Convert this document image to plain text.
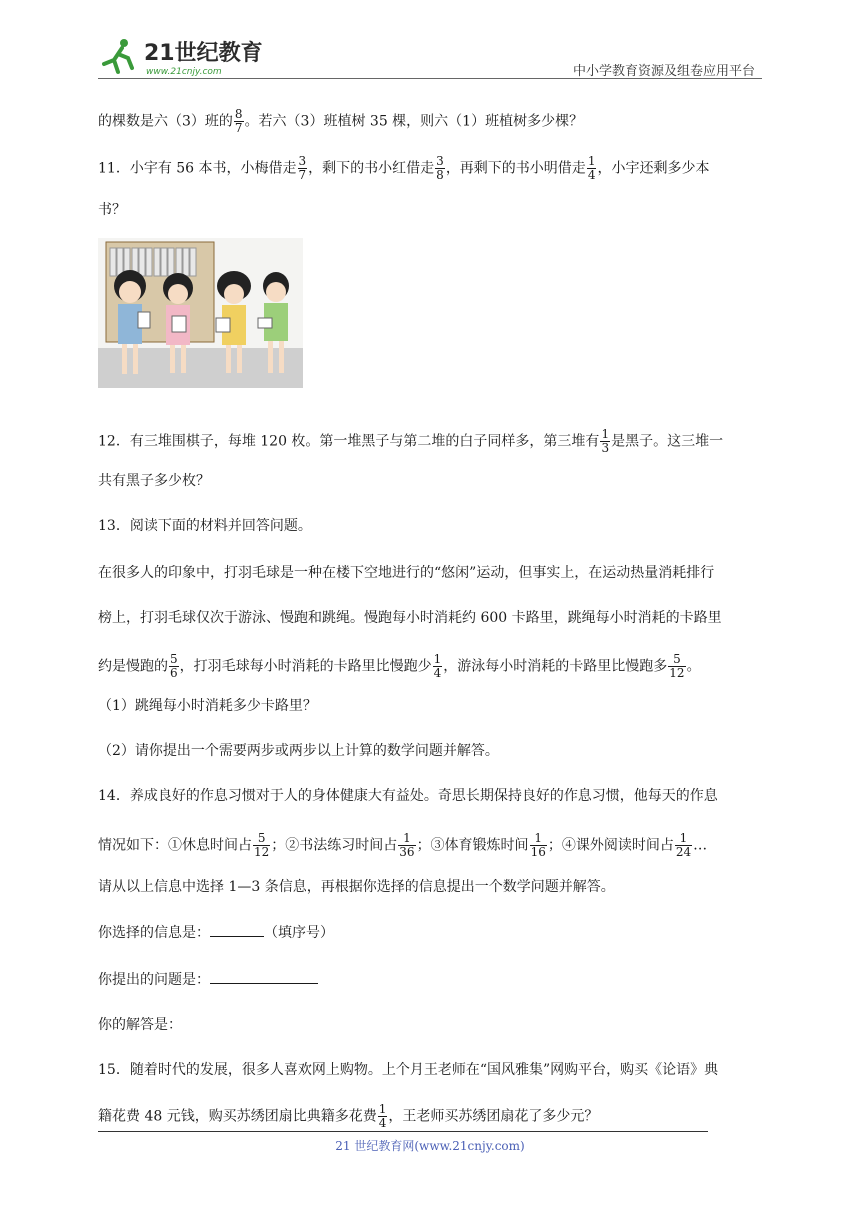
21世纪教育
www.21cnjy.com	中小学教育资源及组卷应用平台
的棵数是六（3）班的 $\frac{8}{7}$ 。若六（3）班植树 35 棵，则六（1）班植树多少棵？
11．小宇有 56 本书，小梅借走 $\frac{3}{7}$ ，剩下的书小红借走 $\frac{3}{8}$ ，再剩下的书小明借走 $\frac{1}{4}$ ，小宇还剩多少本
书？
12．有三堆围棋子，每堆 120 枚。第一堆黑子与第二堆的白子同样多，第三堆有 $\frac{1}{3}$ 是黑子。这三堆一
共有黑子多少枚？
13．阅读下面的材料并回答问题。
在很多人的印象中，打羽毛球是一种在楼下空地进行的“悠闲”运动，但事实上，在运动热量消耗排行
榜上，打羽毛球仅次于游泳、慢跑和跳绳。慢跑每小时消耗约 600 卡路里，跳绳每小时消耗的卡路里
约是慢跑的 $\frac{5}{6}$ ，打羽毛球每小时消耗的卡路里比慢跑少 $\frac{1}{4}$ ，游泳每小时消耗的卡路里比慢跑多 $\frac{5}{12}$ 。
（1）跳绳每小时消耗多少卡路里？
（2）请你提出一个需要两步或两步以上计算的数学问题并解答。
14．养成良好的作息习惯对于人的身体健康大有益处。奇思长期保持良好的作息习惯，他每天的作息
情况如下：①休息时间占 $\frac{5}{12}$ ；②书法练习时间占 $\frac{1}{36}$ ；③体育锻炼时间 $\frac{1}{16}$ ；④课外阅读时间占 $\frac{1}{24}$ …
请从以上信息中选择 1—3 条信息，再根据你选择的信息提出一个数学问题并解答。
你选择的信息是：	（填序号）
你提出的问题是：
你的解答是：
15．随着时代的发展，很多人喜欢网上购物。上个月王老师在“国风雅集”网购平台，购买《论语》典
籍花费 48 元钱，购买苏绣团扇比典籍多花费 $\frac{1}{4}$ ，王老师买苏绣团扇花了多少元？
21 世纪教育网(www.21cnjy.com)
